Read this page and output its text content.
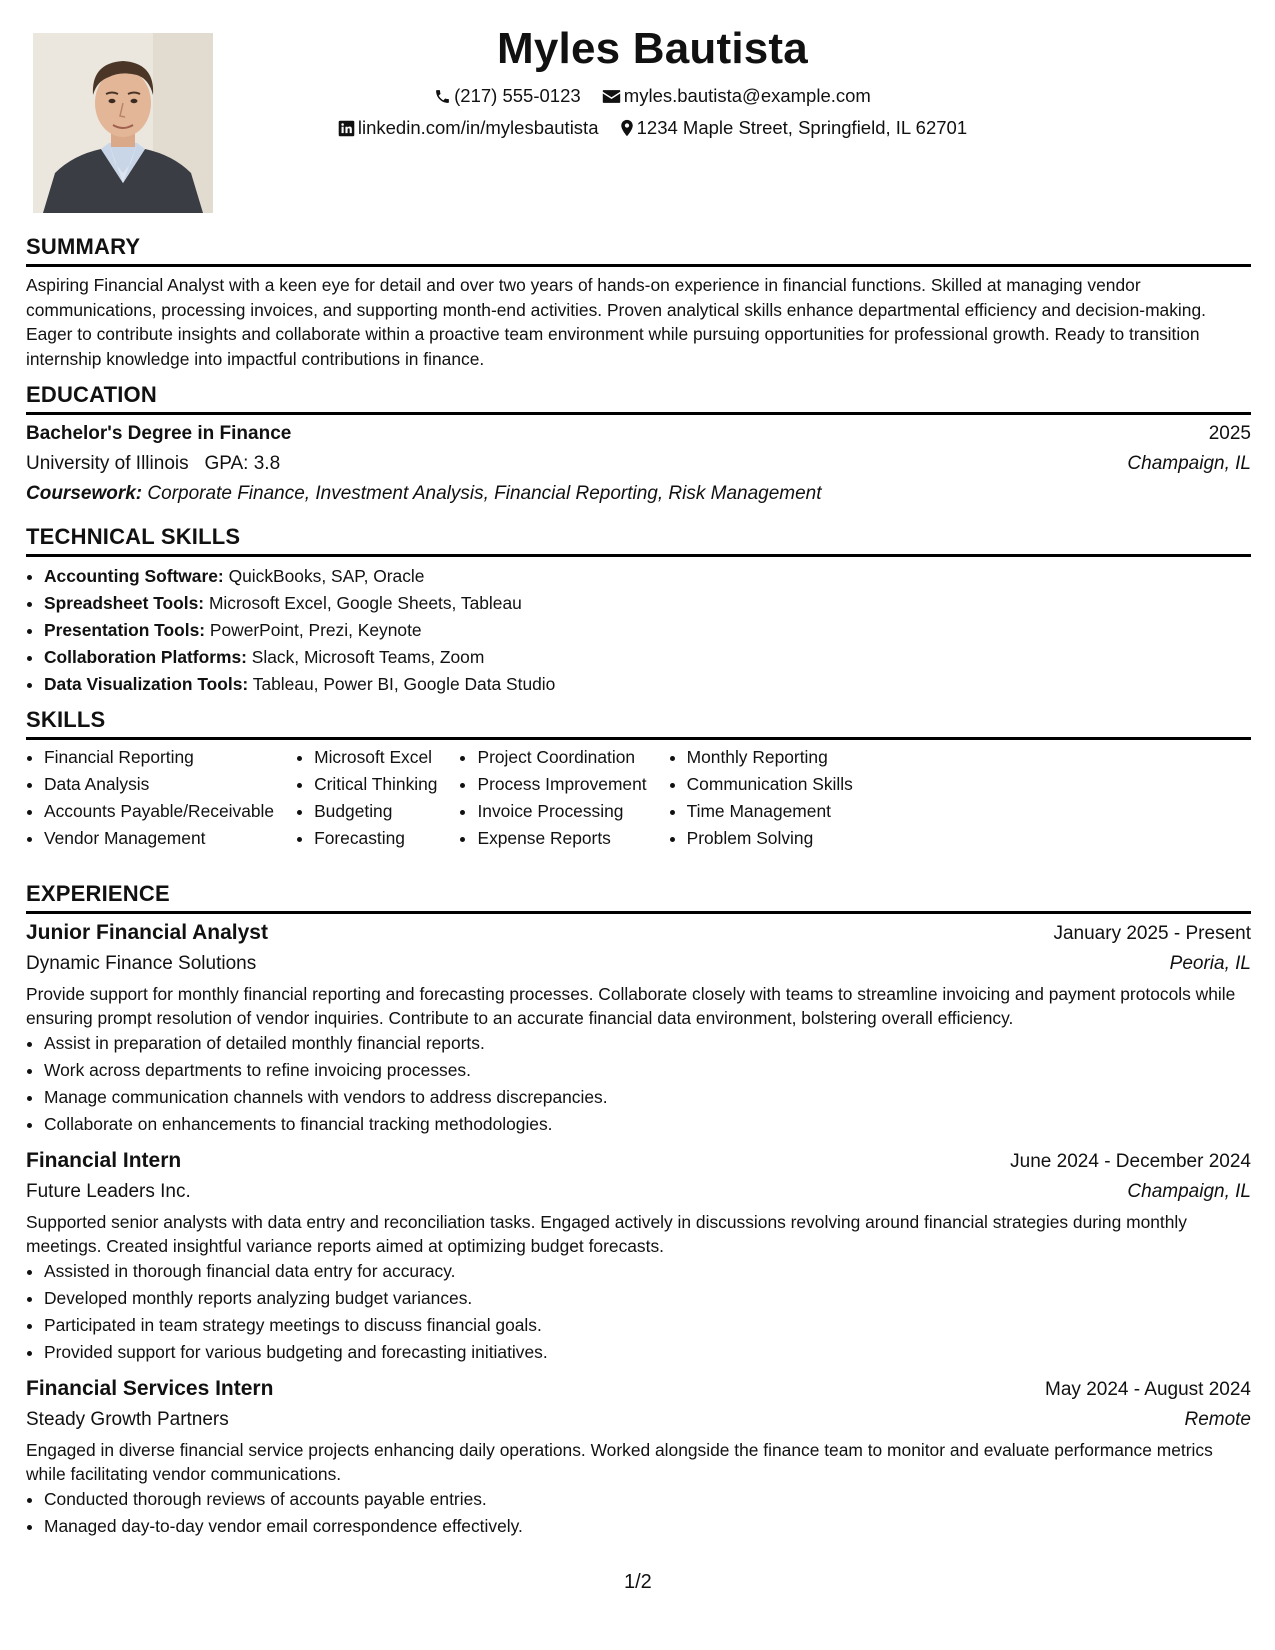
Myles Bautista
(217) 555-0123 myles.bautista@example.com
linkedin.com/in/mylesbautista 1234 Maple Street, Springfield, IL 62701
SUMMARY

Aspiring Financial Analyst with a keen eye for detail and over two years of hands-on experience in financial functions. Skilled at managing vendor communications, processing invoices, and supporting month-end activities. Proven analytical skills enhance departmental efficiency and decision-making. Eager to contribute insights and collaborate within a proactive team environment while pursuing opportunities for professional growth. Ready to transition internship knowledge into impactful contributions in finance.

EDUCATION
Bachelor's Degree in Finance	2025
University of Illinois GPA: 3.8	Champaign, IL
Coursework: Corporate Finance, Investment Analysis, Financial Reporting, Risk Management
TECHNICAL SKILLS
• Accounting Software: QuickBooks, SAP, Oracle
• Spreadsheet Tools: Microsoft Excel, Google Sheets, Tableau
• Presentation Tools: PowerPoint, Prezi, Keynote
• Collaboration Platforms: Slack, Microsoft Teams, Zoom
• Data Visualization Tools: Tableau, Power BI, Google Data Studio
SKILLS
• Financial Reporting
• Data Analysis
• Accounts Payable/Receivable
• Vendor Management
• Microsoft Excel
• Critical Thinking
• Budgeting
• Forecasting
• Project Coordination
• Process Improvement
• Invoice Processing
• Expense Reports
• Monthly Reporting
• Communication Skills
• Time Management
• Problem Solving
EXPERIENCE
Junior Financial Analyst	January 2025 - Present
Dynamic Finance Solutions	Peoria, IL

Provide support for monthly financial reporting and forecasting processes. Collaborate closely with teams to streamline invoicing and payment protocols while ensuring prompt resolution of vendor inquiries. Contribute to an accurate financial data environment, bolstering overall efficiency.

• Assist in preparation of detailed monthly financial reports.
• Work across departments to refine invoicing processes.
• Manage communication channels with vendors to address discrepancies.
• Collaborate on enhancements to financial tracking methodologies.
Financial Intern	June 2024 - December 2024
Future Leaders Inc.	Champaign, IL

Supported senior analysts with data entry and reconciliation tasks. Engaged actively in discussions revolving around financial strategies during monthly meetings. Created insightful variance reports aimed at optimizing budget forecasts.

• Assisted in thorough financial data entry for accuracy.
• Developed monthly reports analyzing budget variances.
• Participated in team strategy meetings to discuss financial goals.
• Provided support for various budgeting and forecasting initiatives.
Financial Services Intern	May 2024 - August 2024
Steady Growth Partners	Remote

Engaged in diverse financial service projects enhancing daily operations. Worked alongside the finance team to monitor and evaluate performance metrics while facilitating vendor communications.

• Conducted thorough reviews of accounts payable entries.
• Managed day-to-day vendor email correspondence effectively.
1/2
